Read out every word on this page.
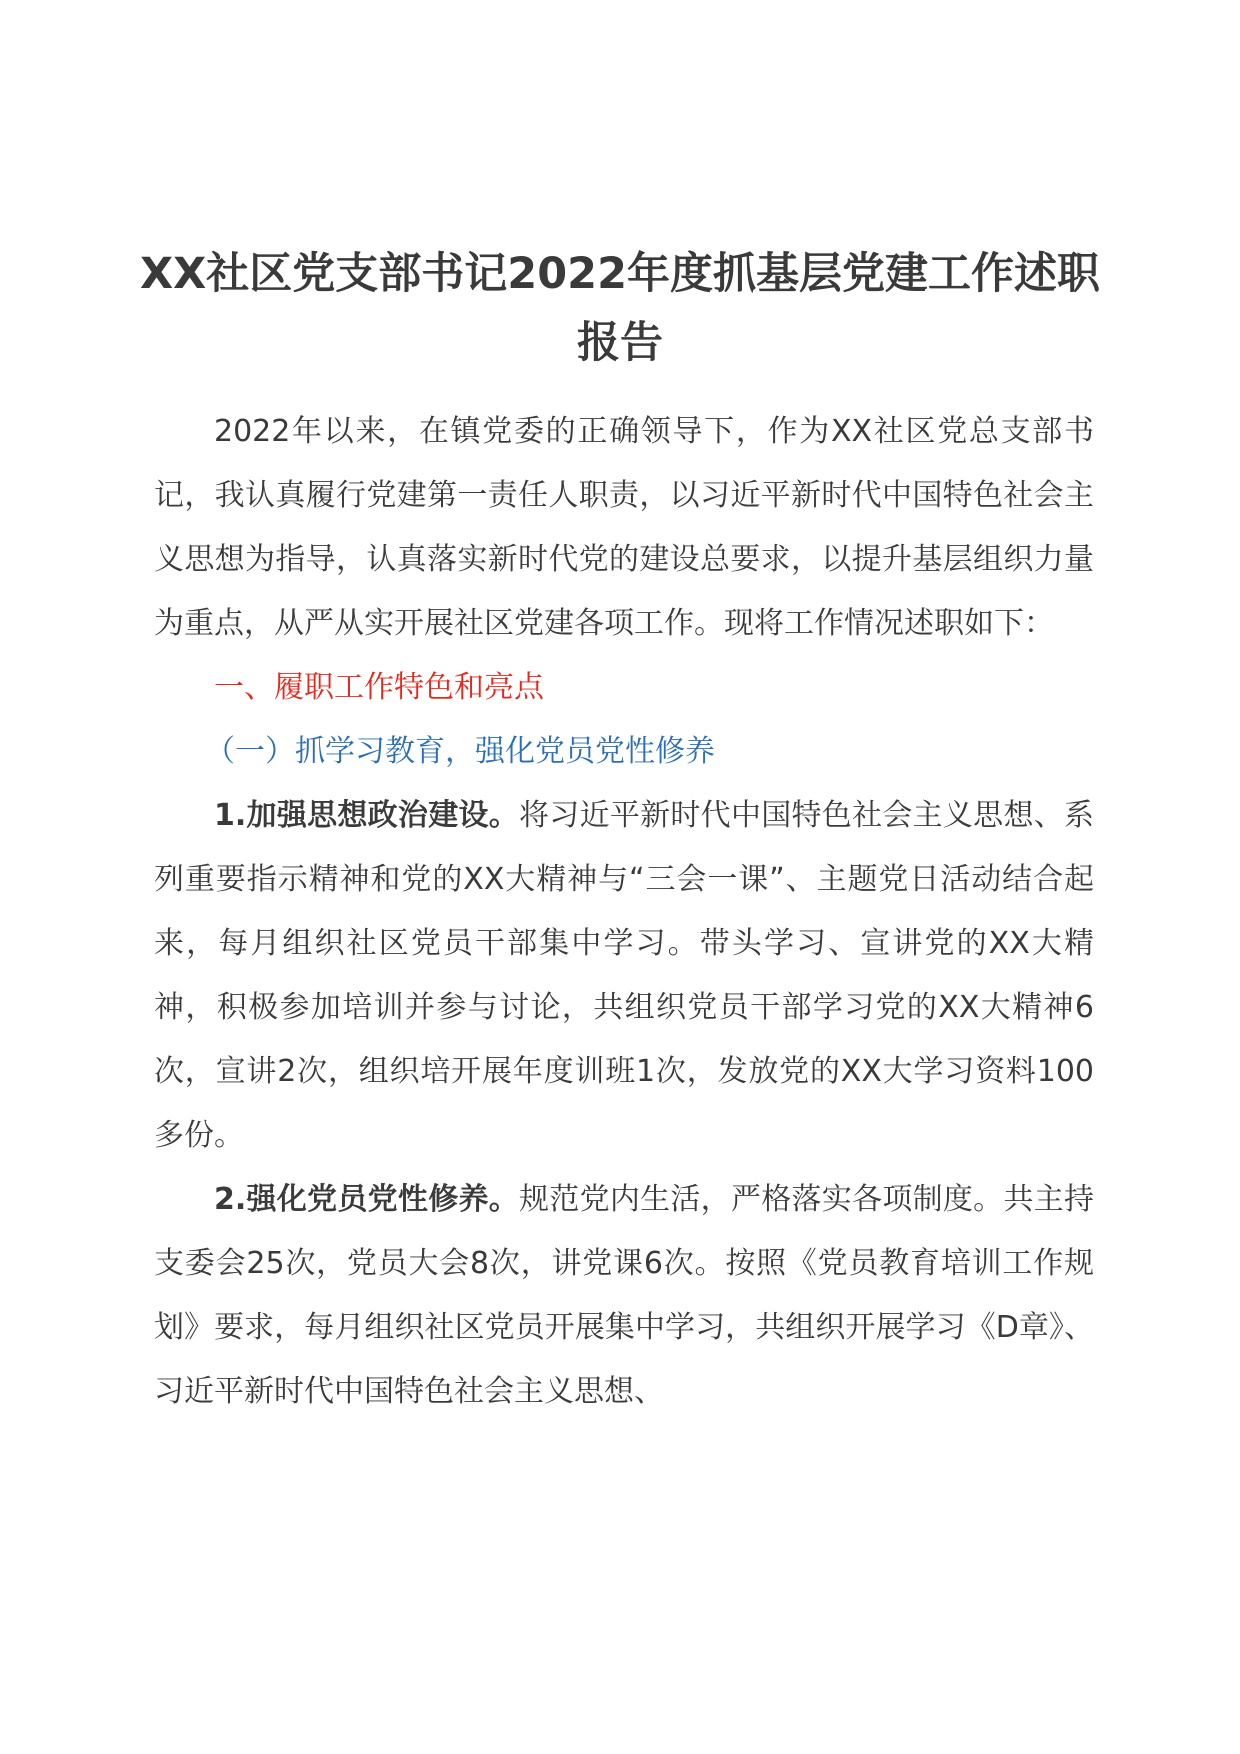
XX社区党支部书记2022年度抓基层党建工作述职报告

2022年以来，在镇党委的正确领导下，作为XX社区党总支部书记，我认真履行党建第一责任人职责，以习近平新时代中国特色社会主义思想为指导，认真落实新时代党的建设总要求，以提升基层组织力量为重点，从严从实开展社区党建各项工作。现将工作情况述职如下：

一、履职工作特色和亮点

（一）抓学习教育，强化党员党性修养

1.加强思想政治建设。将习近平新时代中国特色社会主义思想、系列重要指示精神和党的XX大精神与“三会一课”、主题党日活动结合起来，每月组织社区党员干部集中学习。带头学习、宣讲党的XX大精神，积极参加培训并参与讨论，共组织党员干部学习党的XX大精神6次，宣讲2次，组织培开展年度训班1次，发放党的XX大学习资料100多份。

2.强化党员党性修养。规范党内生活，严格落实各项制度。共主持支委会25次，党员大会8次，讲党课6次。按照《党员教育培训工作规划》要求，每月组织社区党员开展集中学习，共组织开展学习《D章》、习近平新时代中国特色社会主义思想、
